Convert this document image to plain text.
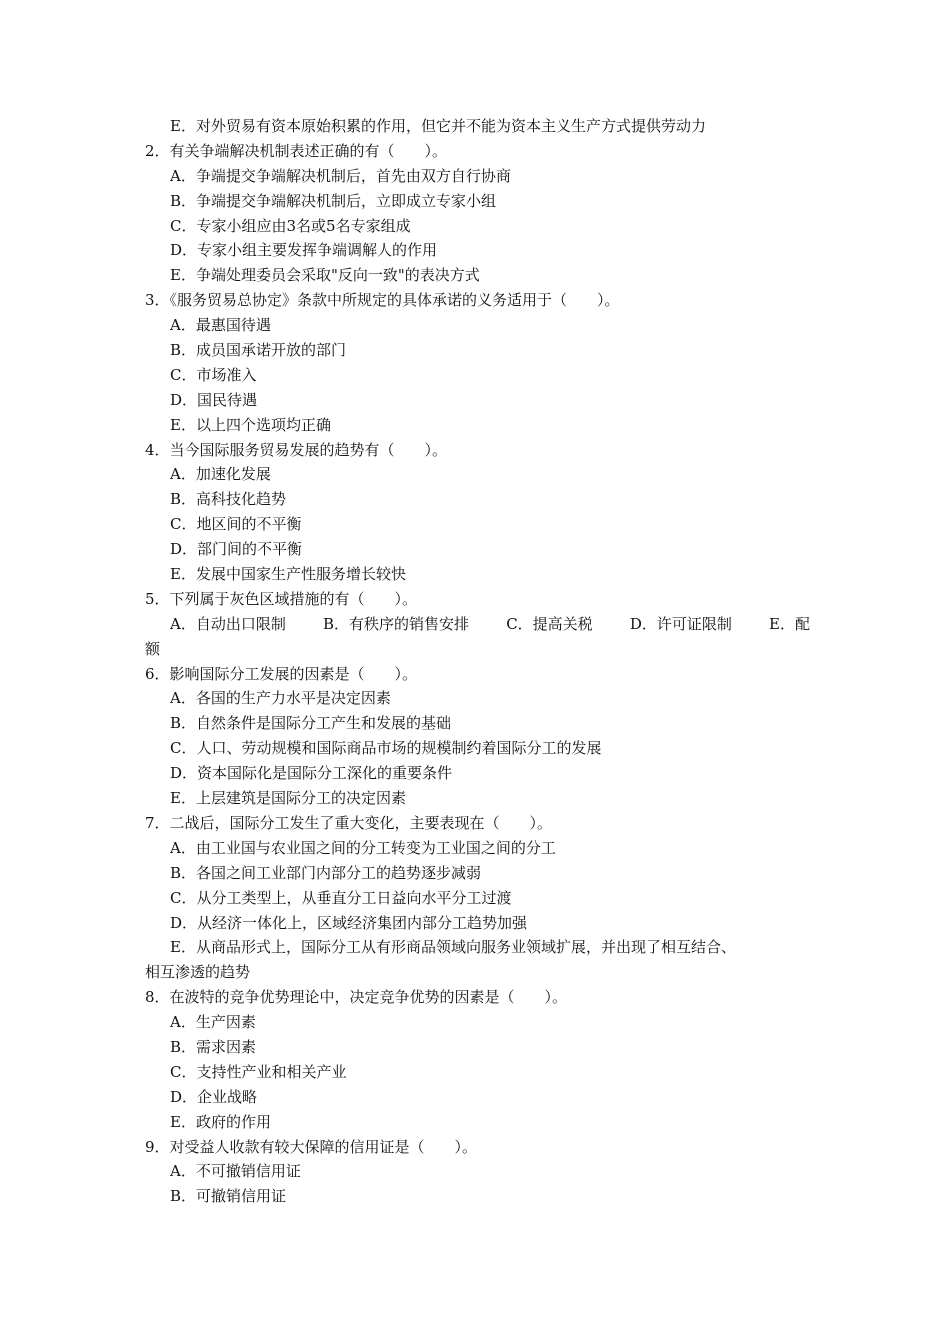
E．对外贸易有资本原始积累的作用，但它并不能为资本主义生产方式提供劳动力
2．有关争端解决机制表述正确的有（　　）。
A．争端提交争端解决机制后，首先由双方自行协商
B．争端提交争端解决机制后，立即成立专家小组
C．专家小组应由3名或5名专家组成
D．专家小组主要发挥争端调解人的作用
E．争端处理委员会采取"反向一致"的表决方式
3．《服务贸易总协定》条款中所规定的具体承诺的义务适用于（　　）。
A．最惠国待遇
B．成员国承诺开放的部门
C．市场准入
D．国民待遇
E．以上四个选项均正确
4．当今国际服务贸易发展的趋势有（　　）。
A．加速化发展
B．高科技化趋势
C．地区间的不平衡
D．部门间的不平衡
E．发展中国家生产性服务增长较快
5．下列属于灰色区域措施的有（　　）。
A．自动出口限制 B．有秩序的销售安排 C．提高关税 D．许可证限制 E．配
额
6．影响国际分工发展的因素是（　　）。
A．各国的生产力水平是决定因素
B．自然条件是国际分工产生和发展的基础
C．人口、劳动规模和国际商品市场的规模制约着国际分工的发展
D．资本国际化是国际分工深化的重要条件
E．上层建筑是国际分工的决定因素
7．二战后，国际分工发生了重大变化，主要表现在（　　）。
A．由工业国与农业国之间的分工转变为工业国之间的分工
B．各国之间工业部门内部分工的趋势逐步减弱
C．从分工类型上，从垂直分工日益向水平分工过渡
D．从经济一体化上，区域经济集团内部分工趋势加强
E．从商品形式上，国际分工从有形商品领域向服务业领域扩展，并出现了相互结合、
相互渗透的趋势
8．在波特的竞争优势理论中，决定竞争优势的因素是（　　）。
A．生产因素
B．需求因素
C．支持性产业和相关产业
D．企业战略
E．政府的作用
9．对受益人收款有较大保障的信用证是（　　）。
A．不可撤销信用证
B．可撤销信用证
